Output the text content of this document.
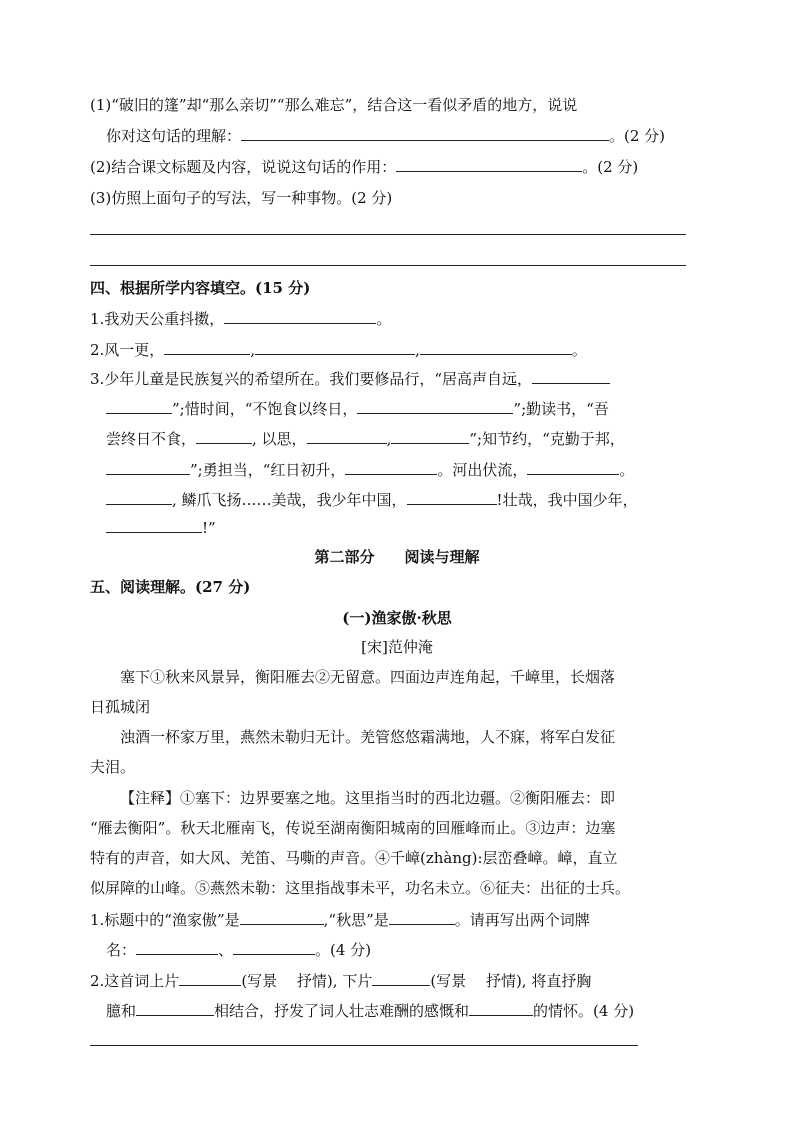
(1)“破旧的篷”却“那么亲切”“那么难忘”，结合这一看似矛盾的地方，说说
你对这句话的理解：	。(2 分)
(2)结合课文标题及内容，说说这句话的作用：	。(2 分)
(3)仿照上面句子的写法，写一种事物。(2 分)
四、根据所学内容填空。(15 分)
1.我劝天公重抖擞，	。
2.风一更，	,	,	。
3.少年儿童是民族复兴的希望所在。我们要修品行，“居高声自远，
”;惜时间，“不饱食以终日，	”;勤读书，“吾
尝终日不食，	, 以思，	,	”;知节约，“克勤于邦，
”;勇担当，“红日初升，	。河出伏流，	。
, 鳞爪飞扬……美哉，我少年中国，	!壮哉，我中国少年，
!”
第二部分　　阅读与理解
五、阅读理解。(27 分)
(一)渔家傲·秋思
[宋]范仲淹
塞下①秋来风景异，衡阳雁去②无留意。四面边声连角起，千嶂里，长烟落
日孤城闭
浊酒一杯家万里，燕然未勒归无计。羌管悠悠霜满地，人不寐，将军白发征
夫泪。
【注释】①塞下：边界要塞之地。这里指当时的西北边疆。②衡阳雁去：即
“雁去衡阳”。秋天北雁南飞，传说至湖南衡阳城南的回雁峰而止。③边声：边塞
特有的声音，如大风、羌笛、马嘶的声音。④千嶂(zhàng):层峦叠嶂。嶂，直立
似屏障的山峰。⑤燕然未勒：这里指战事未平，功名未立。⑥征夫：出征的士兵。
1.标题中的“渔家傲”是	,“秋思”是	。请再写出两个词牌
名：	、	。(4 分)
2.这首词上片	(写景　 抒情), 下片	(写景　 抒情), 将直抒胸
臆和	相结合，抒发了词人壮志难酬的感慨和	的情怀。(4 分)
